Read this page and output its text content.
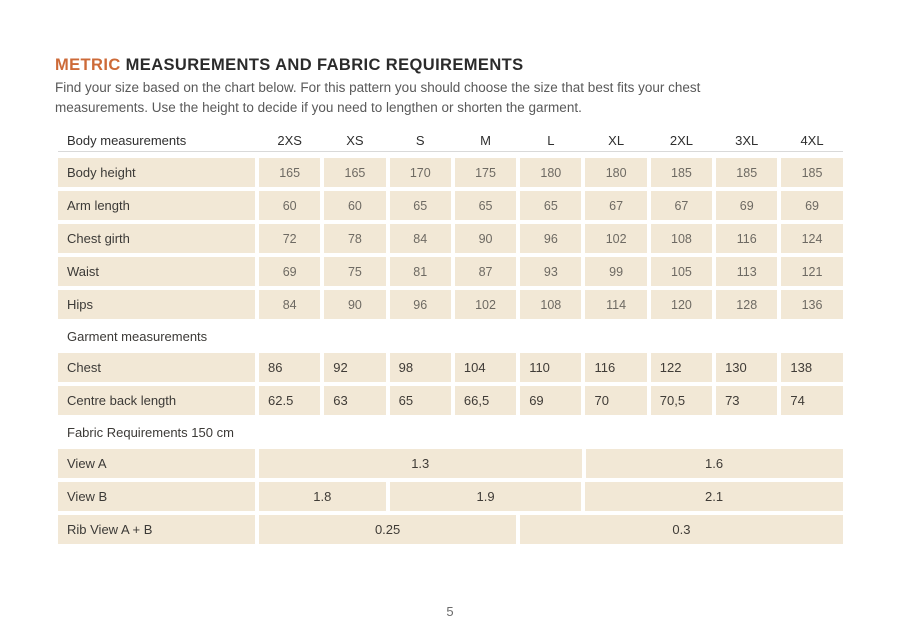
METRIC MEASUREMENTS AND FABRIC REQUIREMENTS
Find your size based on the chart below. For this pattern you should choose the size that best fits your chest
measurements. Use the height to decide if you need to lengthen or shorten the garment.
Body measurements	2XS	XS	S	M	L	XL	2XL	3XL	4XL
Body height	165	165	170	175	180	180	185	185	185
Arm length	60	60	65	65	65	67	67	69	69
Chest girth	72	78	84	90	96	102	108	116	124
Waist	69	75	81	87	93	99	105	113	121
Hips	84	90	96	102	108	114	120	128	136
Garment measurements
Chest	86	92	98	104	110	116	122	130	138
Centre back length	62.5	63	65	66,5	69	70	70,5	73	74
Fabric Requirements 150 cm
View A	1.3	1.6
View B	1.8	1.9	2.1
Rib View A + B	0.25	0.3
5
